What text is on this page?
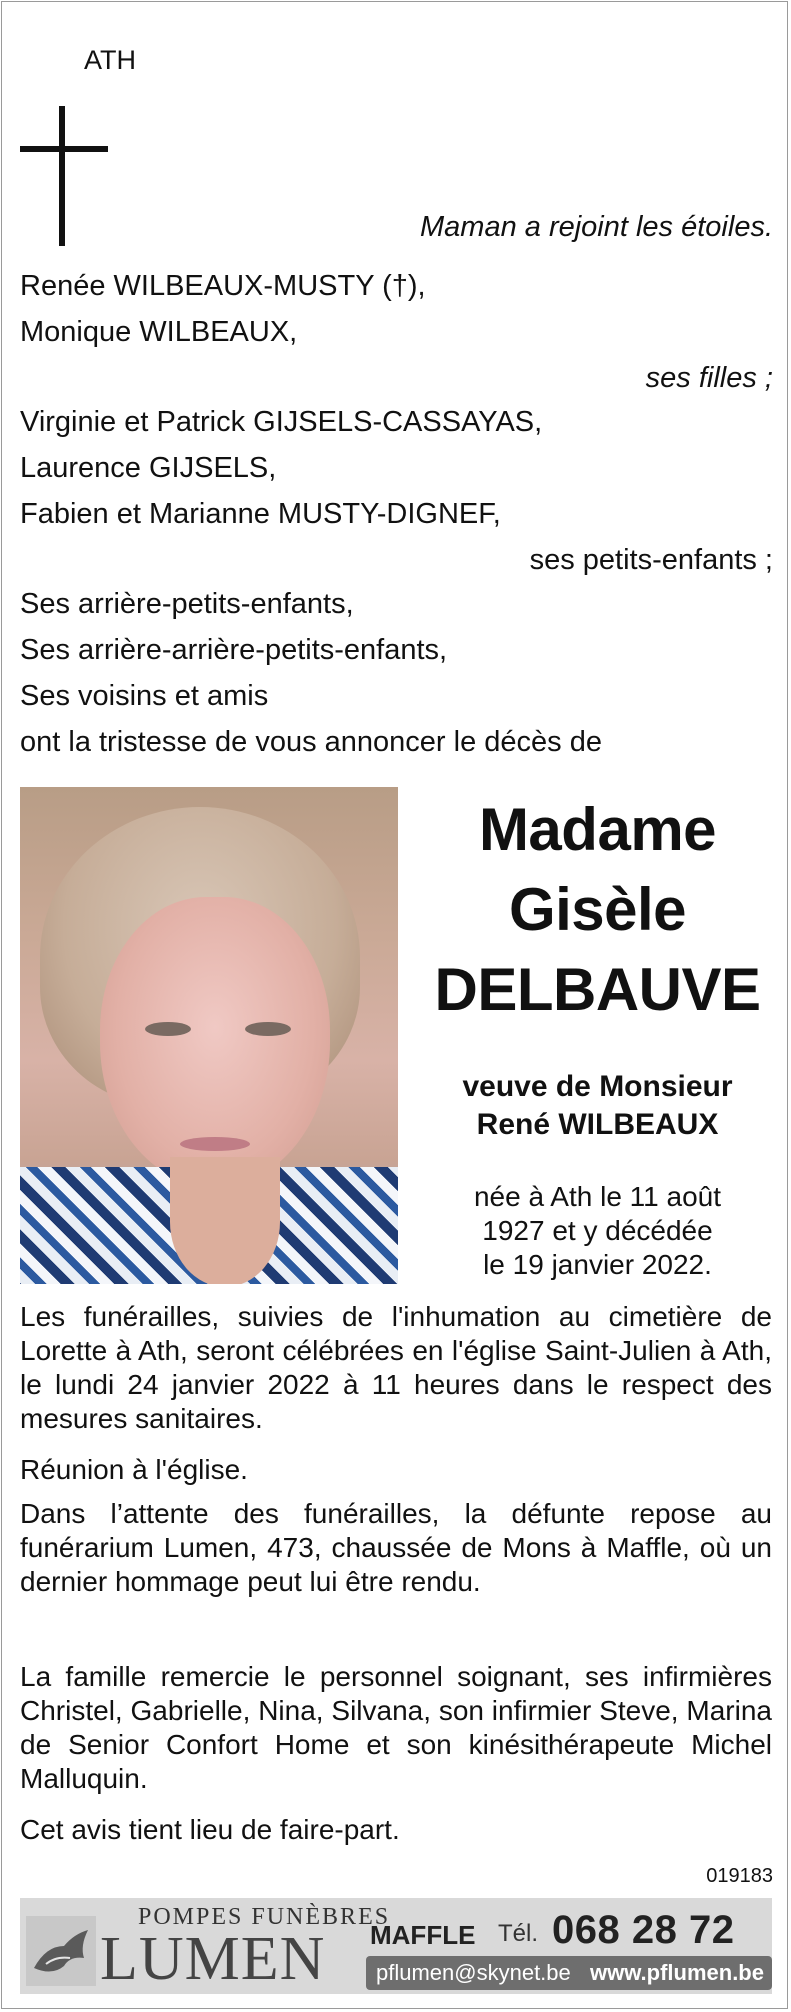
ATH
Maman a rejoint les étoiles.
Renée WILBEAUX-MUSTY (†),
Monique WILBEAUX,
ses filles ;
Virginie et Patrick GIJSELS-CASSAYAS,
Laurence GIJSELS,
Fabien et Marianne MUSTY-DIGNEF,
ses petits-enfants ;
Ses arrière-petits-enfants,
Ses arrière-arrière-petits-enfants,
Ses voisins et amis
ont la tristesse de vous annoncer le décès de
Madame
Gisèle
DELBAUVE
veuve de Monsieur
René WILBEAUX
née à Ath le 11 août
1927 et y décédée
le 19 janvier 2022.
Les funérailles, suivies de l'inhumation au cimetière de Lorette à Ath, seront célébrées en l'église Saint-Julien à Ath, le lundi 24 janvier 2022 à 11 heures dans le respect des mesures sanitaires.
Réunion à l'église.
Dans l’attente des funérailles, la défunte repose au funérarium Lumen, 473, chaussée de Mons à Maffle, où un dernier hommage peut lui être rendu.
La famille remercie le personnel soignant, ses infirmières Christel, Gabrielle, Nina, Silvana, son infirmier Steve, Marina de Senior Confort Home et son kinésithérapeute Michel Malluquin.
Cet avis tient lieu de faire-part.
019183
POMPES FUNÈBRES
LUMEN MAFFLE Tél. 068 28 72
pflumen@skynet.be www.pflumen.be
